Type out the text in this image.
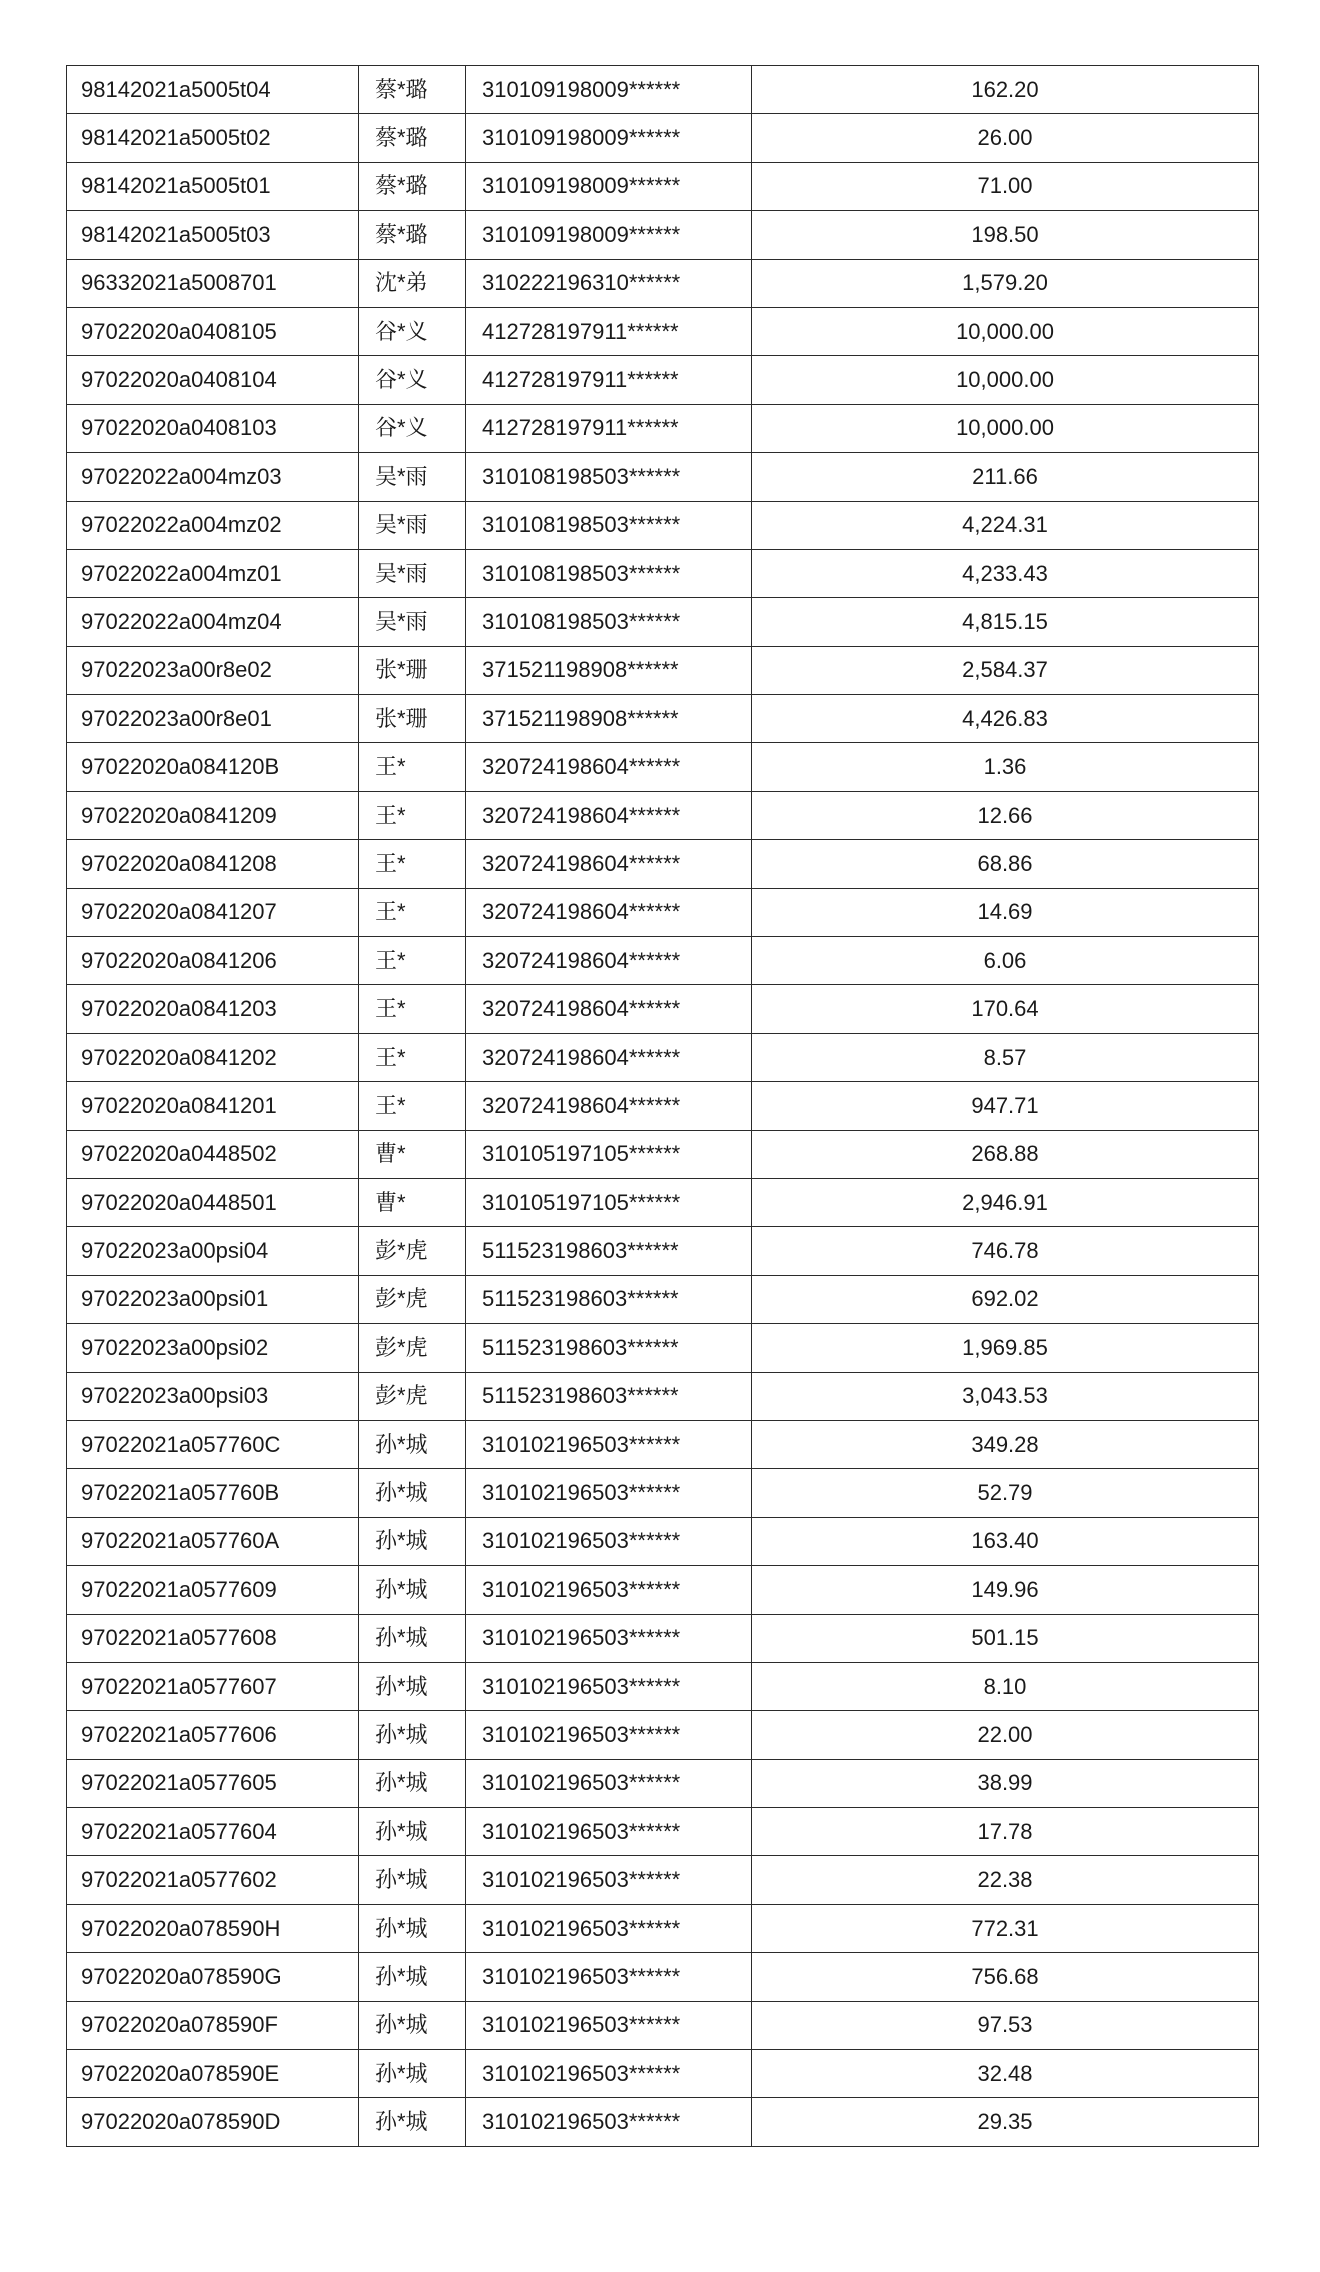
98142021a5005t04	蔡*璐	310109198009******	162.20
98142021a5005t02	蔡*璐	310109198009******	26.00
98142021a5005t01	蔡*璐	310109198009******	71.00
98142021a5005t03	蔡*璐	310109198009******	198.50
96332021a5008701	沈*弟	310222196310******	1,579.20
97022020a0408105	谷*义	412728197911******	10,000.00
97022020a0408104	谷*义	412728197911******	10,000.00
97022020a0408103	谷*义	412728197911******	10,000.00
97022022a004mz03	吴*雨	310108198503******	211.66
97022022a004mz02	吴*雨	310108198503******	4,224.31
97022022a004mz01	吴*雨	310108198503******	4,233.43
97022022a004mz04	吴*雨	310108198503******	4,815.15
97022023a00r8e02	张*珊	371521198908******	2,584.37
97022023a00r8e01	张*珊	371521198908******	4,426.83
97022020a084120B	王*	320724198604******	1.36
97022020a0841209	王*	320724198604******	12.66
97022020a0841208	王*	320724198604******	68.86
97022020a0841207	王*	320724198604******	14.69
97022020a0841206	王*	320724198604******	6.06
97022020a0841203	王*	320724198604******	170.64
97022020a0841202	王*	320724198604******	8.57
97022020a0841201	王*	320724198604******	947.71
97022020a0448502	曹*	310105197105******	268.88
97022020a0448501	曹*	310105197105******	2,946.91
97022023a00psi04	彭*虎	511523198603******	746.78
97022023a00psi01	彭*虎	511523198603******	692.02
97022023a00psi02	彭*虎	511523198603******	1,969.85
97022023a00psi03	彭*虎	511523198603******	3,043.53
97022021a057760C	孙*城	310102196503******	349.28
97022021a057760B	孙*城	310102196503******	52.79
97022021a057760A	孙*城	310102196503******	163.40
97022021a0577609	孙*城	310102196503******	149.96
97022021a0577608	孙*城	310102196503******	501.15
97022021a0577607	孙*城	310102196503******	8.10
97022021a0577606	孙*城	310102196503******	22.00
97022021a0577605	孙*城	310102196503******	38.99
97022021a0577604	孙*城	310102196503******	17.78
97022021a0577602	孙*城	310102196503******	22.38
97022020a078590H	孙*城	310102196503******	772.31
97022020a078590G	孙*城	310102196503******	756.68
97022020a078590F	孙*城	310102196503******	97.53
97022020a078590E	孙*城	310102196503******	32.48
97022020a078590D	孙*城	310102196503******	29.35
